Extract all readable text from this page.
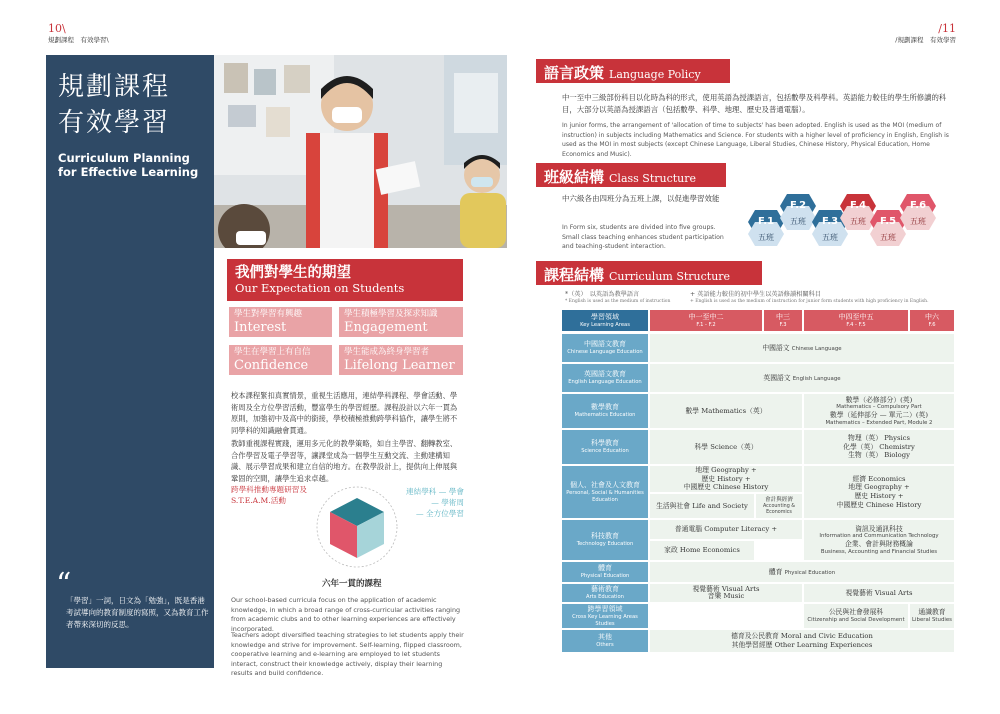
10\
規劃課程　有效學習\
/11
/規劃課程　有效學習
規劃課程
有效學習
Curriculum Planning
for Effective Learning
“
「學習」一詞，日文為「勉強」，既是香港考試導向的教育制度的寫照，又為教育工作者帶來深切的反思。
我們對學生的期望
Our Expectation on Students
學生對學習有興趣
Interest
學生積極學習及探求知識
Engagement
學生在學習上有自信
Confidence
學生能成為終身學習者
Lifelong Learner
校本課程緊扣真實情景，重視生活應用，連結學科課程、學會活動、學術周及全方位學習活動，豐富學生的學習經歷。課程設計以六年一貫為原則，加強初中及高中的銜接，學校積極推動跨學科協作，讓學生將不同學科的知識融會貫通。
教師重視課程實踐，運用多元化的教學策略，如自主學習、翻轉教室、合作學習及電子學習等，讓課堂成為一個學生互動交流、主動建構知識、展示學習成果和建立自信的地方。在教學設計上，提供向上伸展與鞏固的空間，讓學生追求卓越。
跨學科推動專題研習及S.T.E.A.M.活動
連結學科 — 學會
— 學術周
— 全方位學習
六年一貫的課程
Our school-based curricula focus on the application of academic knowledge, in which a broad range of cross-curricular activities ranging from academic clubs and to other learning experiences are effectively incorporated.
Teachers adopt diversified teaching strategies to let students apply their knowledge and strive for improvement. Self-learning, flipped classroom, cooperative learning and e-learning are employed to let students interact, construct their knowledge actively, display their learning results and build confidence.
語言政策 Language Policy
中一至中三級部份科目以化時為科的形式，使用英語為授課語言，包括數學及科學科。英語能力較佳的學生所修讀的科目，大部分以英語為授課語言（包括數學、科學、地理、歷史及普通電腦）。
In junior forms, the arrangement of 'allocation of time to subjects' has been adopted. English is used as the MOI (medium of instruction) in subjects including Mathematics and Science. For students with a higher level of proficiency in English, English is used as the MOI in most subjects (except Chinese Language, Liberal Studies, Chinese History, Physical Education, Home Economics and Music).
班級結構 Class Structure
中六級各由四班分為五班上課，以促進學習效能
In Form six, students are divided into five groups. Small class teaching enhances student participation and teaching-student interaction.
F.1
五班
F.2
五班 F.3
五班
F.4
五班 F.5
五班
F.6
五班
課程結構 Curriculum Structure
*（英）　以英語為教學語言
* English is used as the medium of instruction
+ 英語能力較佳的初中學生以英語修讀相關科目
+ English is used as the medium of instruction for junior form students with high proficiency in English.
學習領域
Key Learning Areas
中一至中二
F.1 - F.2
中三
F.3
中四至中五
F.4 - F.5
中六
F.6
中國語文教育
Chinese Language Education
中國語文 Chinese Language
英國語文教育
English Language Education
英國語文 English Language
數學教育
Mathematics Education
數學 Mathematics（英）
數學（必修部分）(英)
Mathematics – Compulsory Part
數學（延伸部分 — 單元二）(英)
Mathematics – Extended Part, Module 2
科學教育
Science Education
科學 Science（英）
物理（英） Physics
化學（英） Chemistry
生物（英） Biology
個人、社會及人文教育
Personal, Social & Humanities Education
地理 Geography +
歷史 History +
中國歷史 Chinese History
生活與社會 Life and Society
會計與經濟
Accounting & Economics
經濟 Economics
地理 Geography +
歷史 History +
中國歷史 Chinese History
科技教育
Technology Education
普通電腦 Computer Literacy +
家政 Home Economics
資訊及通訊科技
Information and Communication Technology
企業、會計與財務概論
Business, Accounting and Financial Studies
體育
Physical Education
體育 Physical Education
藝術教育
Arts Education
視覺藝術 Visual Arts
音樂 Music	視覺藝術 Visual Arts
跨學習領域
Cross Key Learning Areas Studies
公民與社會發展科
Citizenship and Social Development
通識教育
Liberal Studies
其他
Others
德育及公民教育 Moral and Civic Education
其他學習經歷 Other Learning Experiences
